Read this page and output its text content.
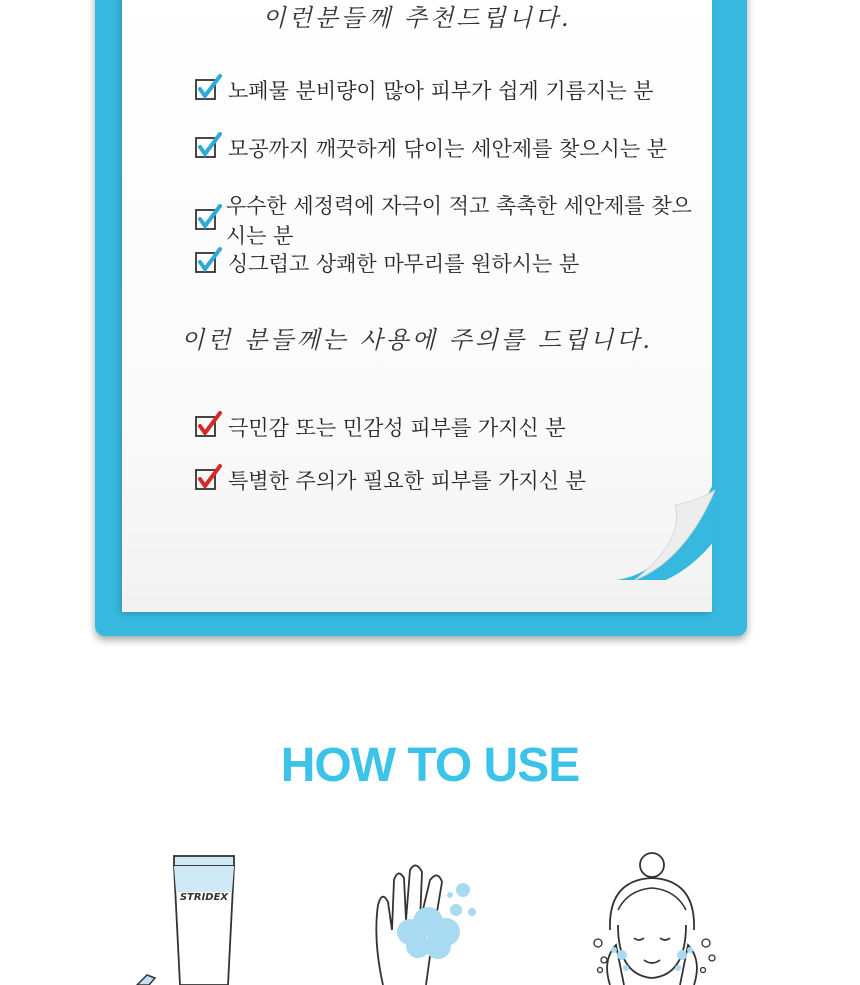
이런분들께 추천드립니다.
노폐물 분비량이 많아 피부가 쉽게 기름지는 분
모공까지 깨끗하게 닦이는 세안제를 찾으시는 분
우수한 세정력에 자극이 적고 촉촉한 세안제를 찾으시는 분
싱그럽고 상쾌한 마무리를 원하시는 분
이런 분들께는 사용에 주의를 드립니다.
극민감 또는 민감성 피부를 가지신 분
특별한 주의가 필요한 피부를 가지신 분
HOW TO USE
STRIDEX
